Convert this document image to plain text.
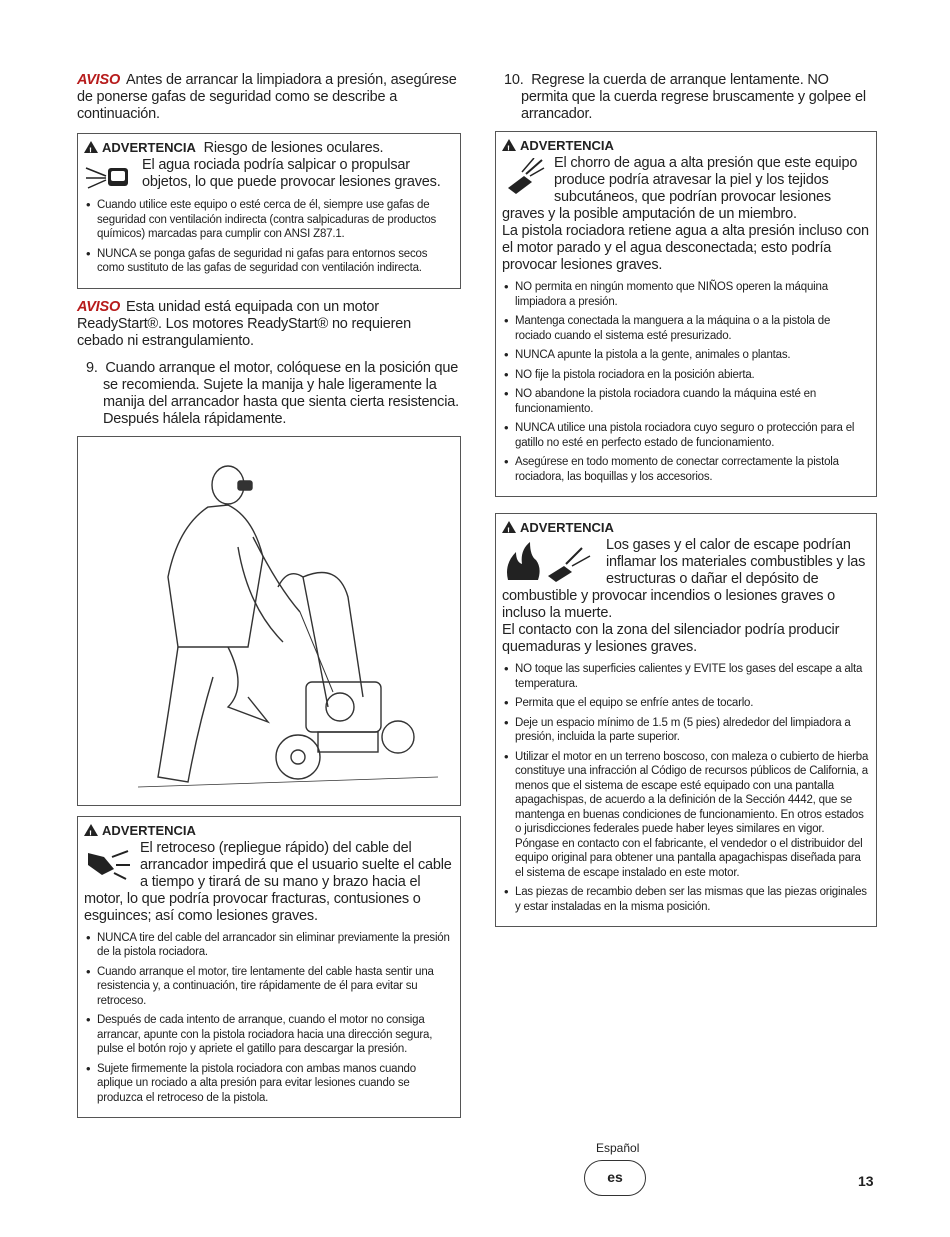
AVISO Antes de arrancar la limpiadora a presión, asegúrese de ponerse gafas de seguridad como se describe a continuación.

!ADVERTENCIA Riesgo de lesiones oculares.
El agua rociada podría salpicar o propulsar objetos, lo que puede provocar lesiones graves.
• Cuando utilice este equipo o esté cerca de él, siempre use gafas de seguridad con ventilación indirecta (contra salpicaduras de productos químicos) marcadas para cumplir con ANSI Z87.1.
• NUNCA se ponga gafas de seguridad ni gafas para entornos secos como sustituto de las gafas de seguridad con ventilación indirecta.

AVISO Esta unidad está equipada con un motor ReadyStart®. Los motores ReadyStart® no requieren cebado ni estrangulamiento.

9. Cuando arranque el motor, colóquese en la posición que se recomienda. Sujete la manija y hale ligeramente la manija del arrancador hasta que sienta cierta resistencia. Después hálela rápidamente.

!ADVERTENCIA
El retroceso (repliegue rápido) del cable del arrancador impedirá que el usuario suelte el cable a tiempo y tirará de su mano y brazo hacia el motor, lo que podría provocar fracturas, contusiones o esguinces; así como lesiones graves.
• NUNCA tire del cable del arrancador sin eliminar previamente la presión de la pistola rociadora.
• Cuando arranque el motor, tire lentamente del cable hasta sentir una resistencia y, a continuación, tire rápidamente de él para evitar su retroceso.
• Después de cada intento de arranque, cuando el motor no consiga arrancar, apunte con la pistola rociadora hacia una dirección segura, pulse el botón rojo y apriete el gatillo para descargar la presión.
• Sujete firmemente la pistola rociadora con ambas manos cuando aplique un rociado a alta presión para evitar lesiones cuando se produzca el retroceso de la pistola.

10. Regrese la cuerda de arranque lentamente. NO permita que la cuerda regrese bruscamente y golpee el arrancador.

!ADVERTENCIA
El chorro de agua a alta presión que este equipo produce podría atravesar la piel y los tejidos subcutáneos, que podrían provocar lesiones graves y la posible amputación de un miembro.
La pistola rociadora retiene agua a alta presión incluso con el motor parado y el agua desconectada; esto podría provocar lesiones graves.
• NO permita en ningún momento que NIÑOS operen la máquina limpiadora a presión.
• Mantenga conectada la manguera a la máquina o a la pistola de rociado cuando el sistema esté presurizado.
• NUNCA apunte la pistola a la gente, animales o plantas.
• NO fije la pistola rociadora en la posición abierta.
• NO abandone la pistola rociadora cuando la máquina esté en funcionamiento.
• NUNCA utilice una pistola rociadora cuyo seguro o protección para el gatillo no esté en perfecto estado de funcionamiento.
• Asegúrese en todo momento de conectar correctamente la pistola rociadora, las boquillas y los accesorios.
!ADVERTENCIA
Los gases y el calor de escape podrían inflamar los materiales combustibles y las estructuras o dañar el depósito de combustible y provocar incendios o lesiones graves o incluso la muerte.
El contacto con la zona del silenciador podría producir quemaduras y lesiones graves.
• NO toque las superficies calientes y EVITE los gases del escape a alta temperatura.
• Permita que el equipo se enfríe antes de tocarlo.
• Deje un espacio mínimo de 1.5 m (5 pies) alrededor del limpiadora a presión, incluida la parte superior.
• Utilizar el motor en un terreno boscoso, con maleza o cubierto de hierba constituye una infracción al Código de recursos públicos de California, a menos que el sistema de escape esté equipado con una pantalla apagachispas, de acuerdo a la definición de la Sección 4442, que se mantenga en buenas condiciones de funcionamiento. En otros estados o jurisdicciones federales puede haber leyes similares en vigor.
Póngase en contacto con el fabricante, el vendedor o el distribuidor del equipo original para obtener una pantalla apagachispas diseñada para el sistema de escape instalado en este motor.
• Las piezas de recambio deben ser las mismas que las piezas originales y estar instaladas en la misma posición.
Español
es	13
